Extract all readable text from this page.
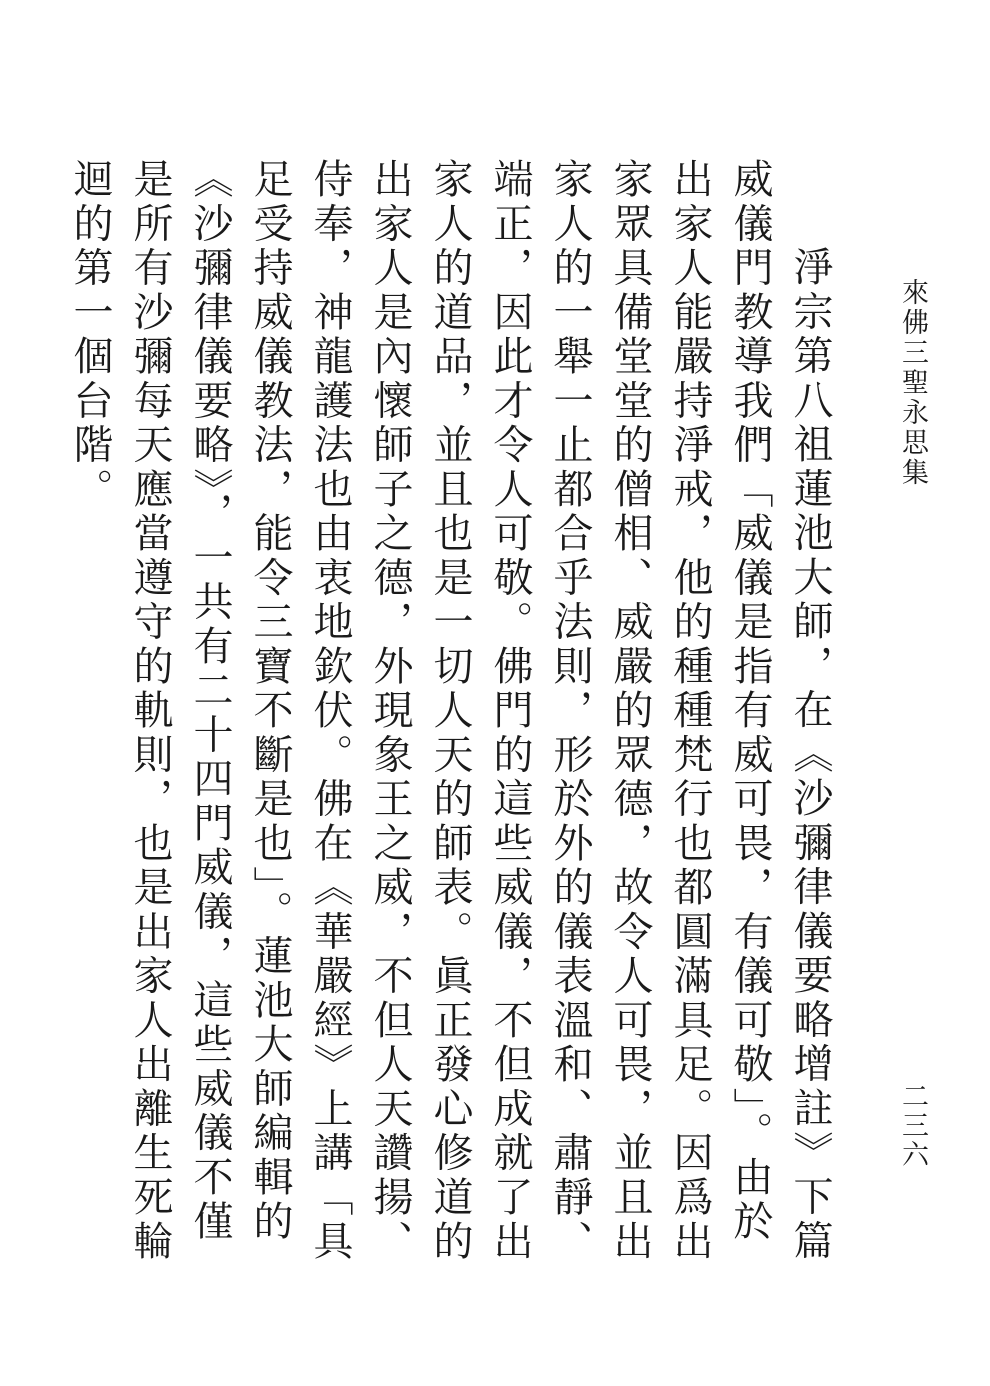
來佛三聖永思集
二三六

淨宗第八祖蓮池大師，在《沙彌律儀要略增註》下篇威儀門教導我們「威儀是指有威可畏，有儀可敬」。由於出家人能嚴持淨戒，他的種種梵行也都圓滿具足。因爲出家眾具備堂堂的僧相、威嚴的眾德，故令人可畏，並且出家人的一舉一止都合乎法則，形於外的儀表溫和、肅靜、端正，因此才令人可敬。佛門的這些威儀，不但成就了出家人的道品，並且也是一切人天的師表。眞正發心修道的出家人是內懷師子之德，外現象王之威，不但人天讚揚、侍奉，神龍護法也由衷地欽伏。佛在《華嚴經》上講「具足受持威儀教法，能令三寶不斷是也」。蓮池大師編輯的《沙彌律儀要略》，一共有二十四門威儀，這些威儀不僅是所有沙彌每天應當遵守的軌則，也是出家人出離生死輪迴的第一個台階。
